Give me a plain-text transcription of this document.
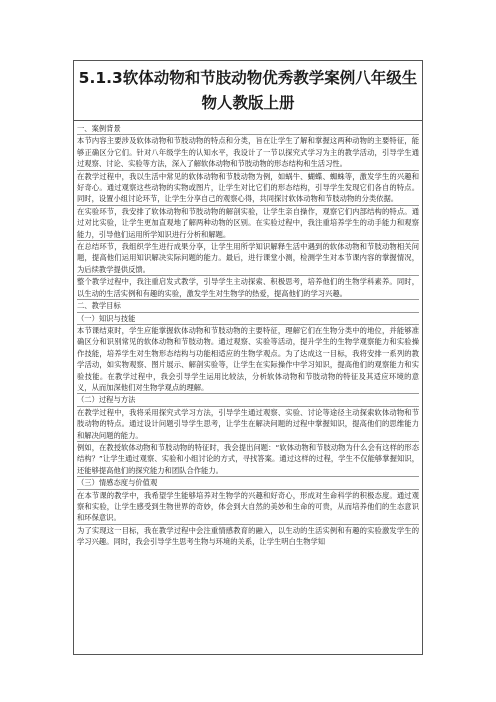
5.1.3软体动物和节肢动物优秀教学案例八年级生物人教版上册

一、案例背景

本节内容主要涉及软体动物和节肢动物的特点和分类，旨在让学生了解和掌握这两种动物的主要特征，能够正确区分它们。针对八年级学生的认知水平，我设计了一节以探究式学习为主的教学活动，引导学生通过观察、讨论、实验等方法，深入了解软体动物和节肢动物的形态结构和生活习性。

在教学过程中，我以生活中常见的软体动物和节肢动物为例，如蜗牛、蝴蝶、蜘蛛等，激发学生的兴趣和好奇心。通过观察这些动物的实物或图片，让学生对比它们的形态结构，引导学生发现它们各自的特点。同时，设置小组讨论环节，让学生分享自己的观察心得，共同探讨软体动物和节肢动物的分类依据。

在实验环节，我安排了软体动物和节肢动物的解剖实验，让学生亲自操作，观察它们内部结构的特点。通过对比实验，让学生更加直观地了解两种动物的区别。在实验过程中，我注重培养学生的动手能力和观察能力，引导他们运用所学知识进行分析和解题。

在总结环节，我组织学生进行成果分享，让学生用所学知识解释生活中遇到的软体动物和节肢动物相关问题，提高他们运用知识解决实际问题的能力。最后，进行课堂小测，检测学生对本节课内容的掌握情况，为后续教学提供反馈。

整个教学过程中，我注重启发式教学，引导学生主动探索、积极思考，培养他们的生物学科素养。同时，以生动的生活实例和有趣的实验，激发学生对生物学的热爱，提高他们的学习兴趣。

二、教学目标

（一）知识与技能

本节课结束时，学生应能掌握软体动物和节肢动物的主要特征，理解它们在生物分类中的地位，并能够准确区分和识别常见的软体动物和节肢动物。通过观察、实验等活动，提升学生的生物学观察能力和实验操作技能，培养学生对生物形态结构与功能相适应的生物学观点。为了达成这一目标，我将安排一系列的教学活动，如实物观察、图片展示、解剖实验等，让学生在实际操作中学习知识，提高他们的观察能力和实验技能。在教学过程中，我会引导学生运用比较法，分析软体动物和节肢动物的特征及其适应环境的意义，从而加深他们对生物学观点的理解。

（二）过程与方法

在教学过程中，我将采用探究式学习方法，引导学生通过观察、实验、讨论等途径主动探索软体动物和节肢动物的特点。通过设计问题引导学生思考，让学生在解决问题的过程中掌握知识，提高他们的思维能力和解决问题的能力。

例如，在教授软体动物和节肢动物的特征时，我会提出问题：“软体动物和节肢动物为什么会有这样的形态结构？”让学生通过观察、实验和小组讨论的方式，寻找答案。通过这样的过程，学生不仅能够掌握知识，还能够提高他们的探究能力和团队合作能力。

（三）情感态度与价值观

在本节课的教学中，我希望学生能够培养对生物学的兴趣和好奇心，形成对生命科学的积极态度。通过观察和实验，让学生感受到生物世界的奇妙，体会到大自然的美妙和生命的可贵，从而培养他们的生态意识和环保意识。

为了实现这一目标，我在教学过程中会注重情感教育的融入，以生动的生活实例和有趣的实验激发学生的学习兴趣。同时，我会引导学生思考生物与环境的关系，让学生明白生物学知
